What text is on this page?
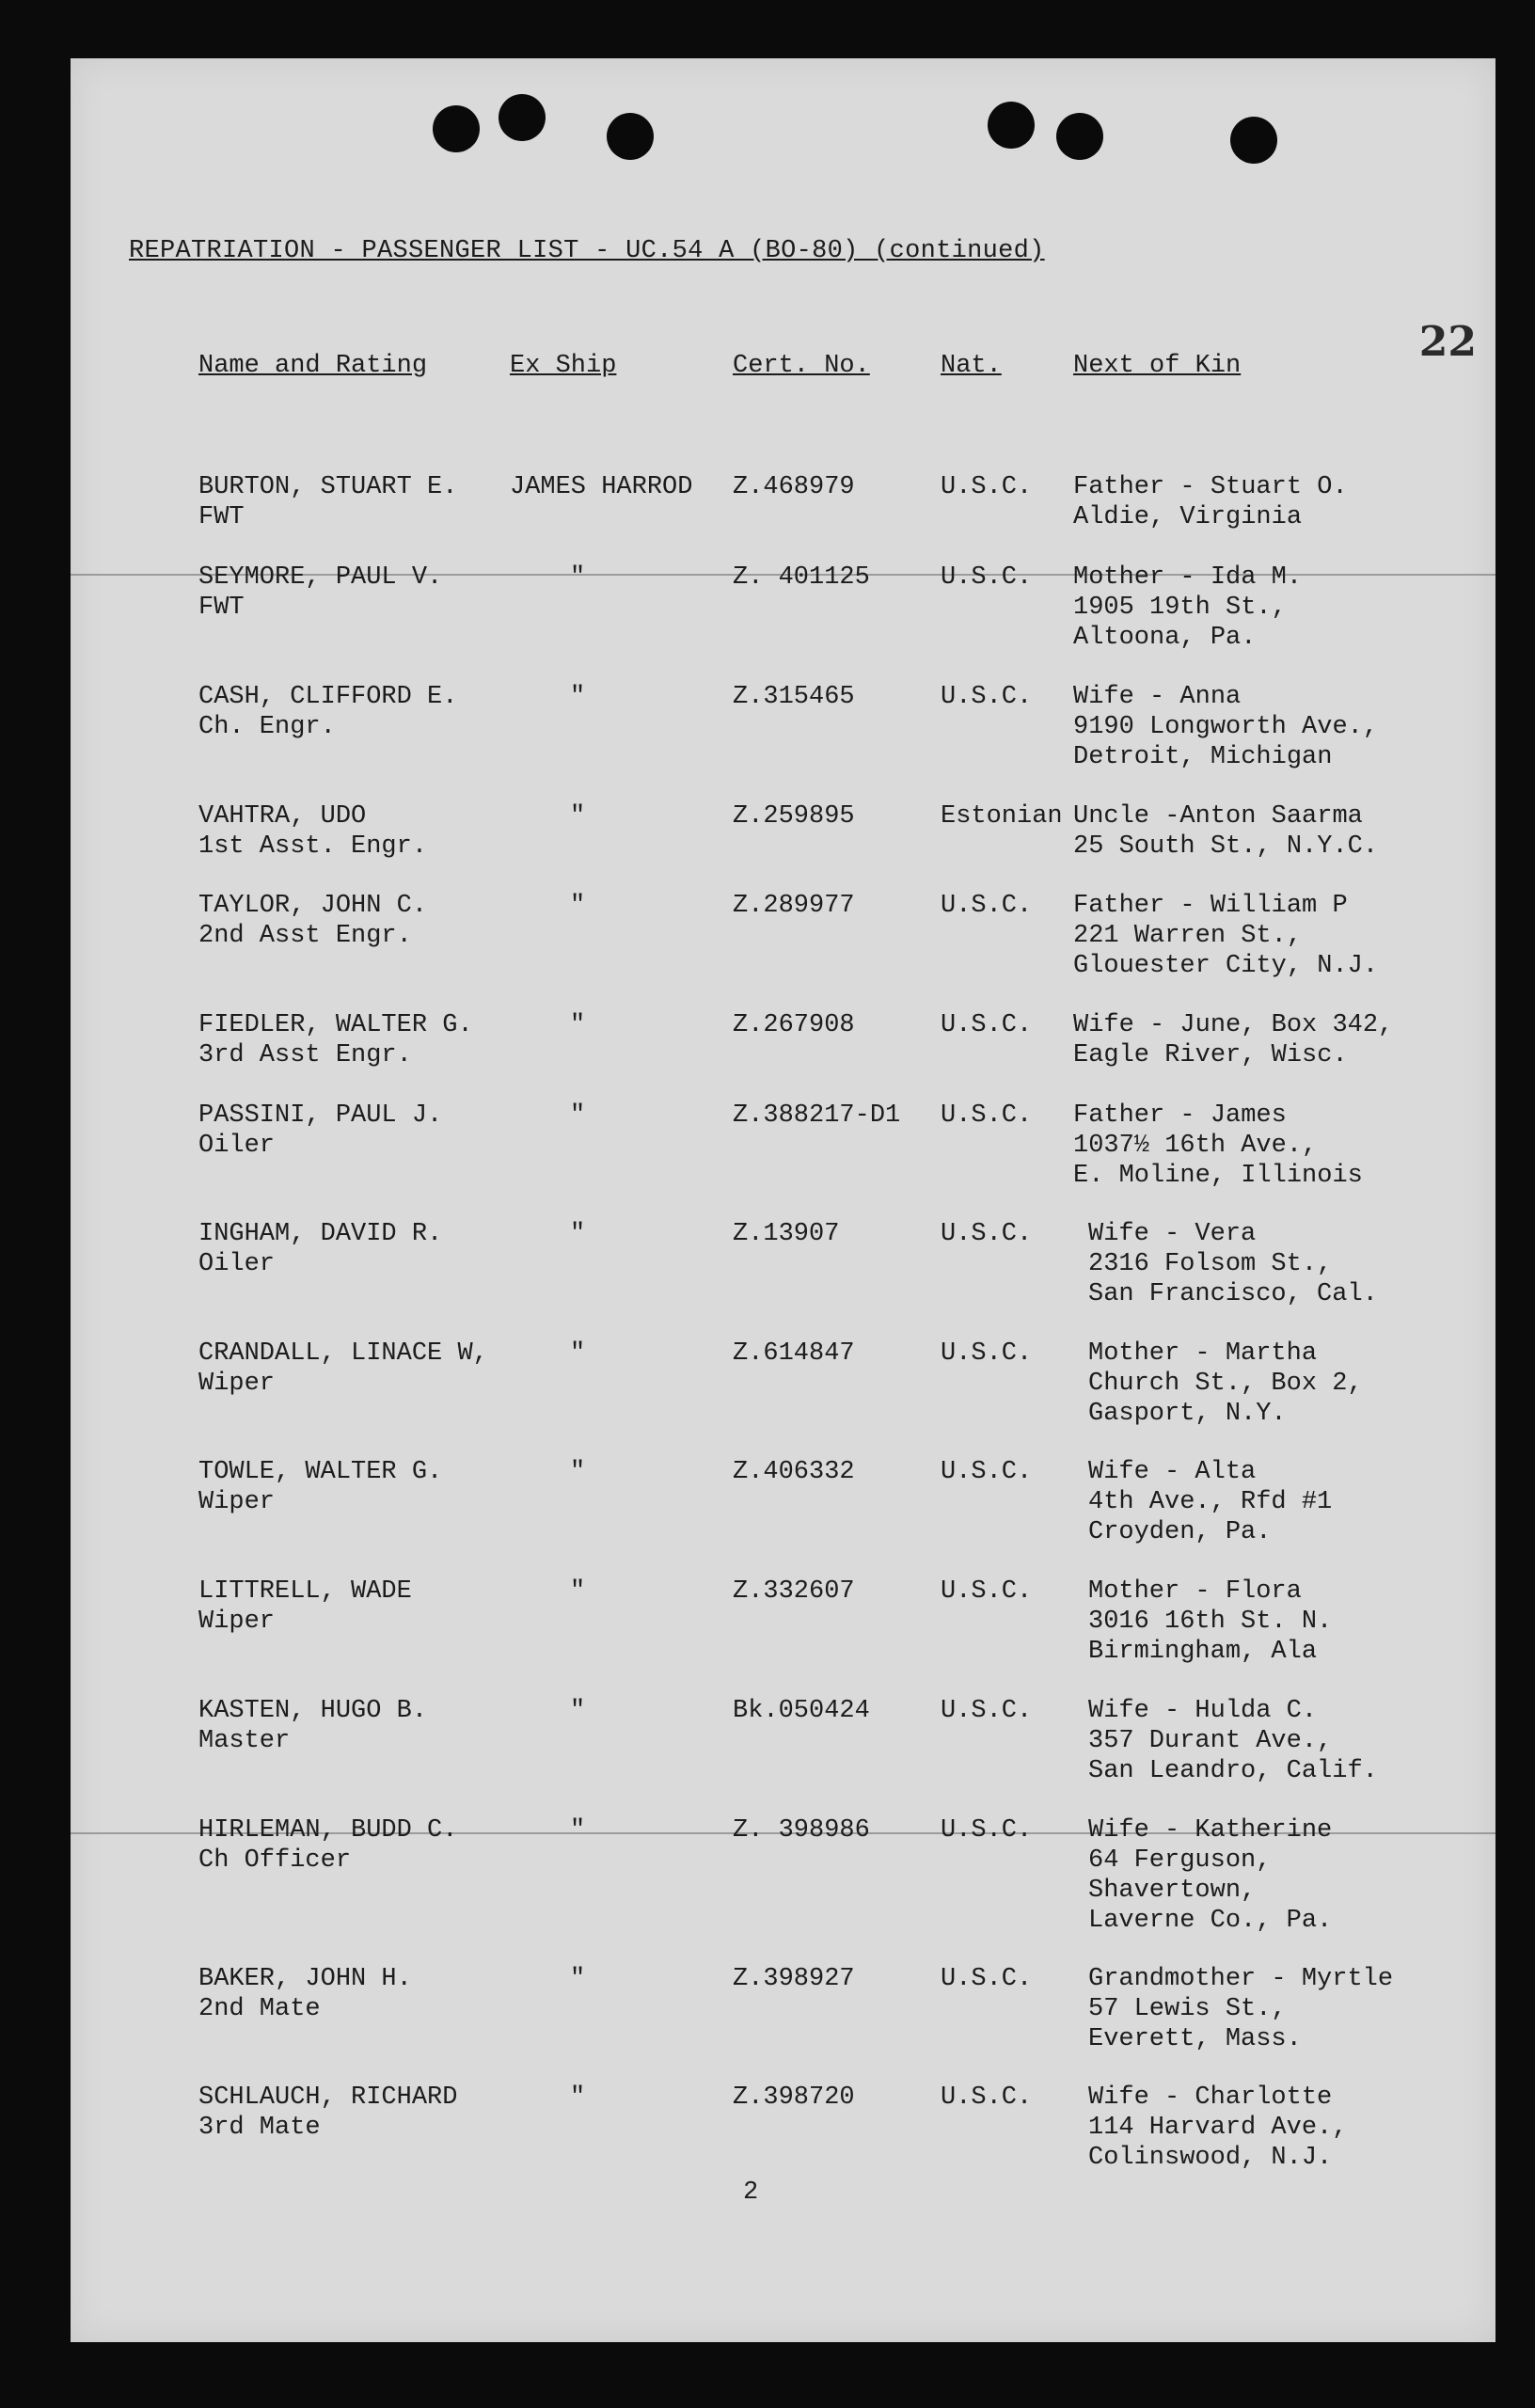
REPATRIATION - PASSENGER LIST - UC.54 A (BO-80) (continued)
22
Name and Rating	Ex Ship	Cert. No.	Nat.	Next of Kin
BURTON, STUART E.
FWT
JAMES HARROD Z.468979	U.S.C. Father - Stuart O.
Aldie, Virginia
SEYMORE, PAUL V.
FWT
"	Z. 401125	U.S.C. Mother - Ida M.
1905 19th St.,
Altoona, Pa.
CASH, CLIFFORD E.
Ch. Engr.
"	Z.315465	U.S.C. Wife - Anna
9190 Longworth Ave.,
Detroit, Michigan
VAHTRA, UDO
1st Asst. Engr.
"	Z.259895	Estonian Uncle -Anton Saarma
25 South St., N.Y.C.
TAYLOR, JOHN C.
2nd Asst Engr.
"	Z.289977	U.S.C. Father - William P
221 Warren St.,
Glouester City, N.J.
FIEDLER, WALTER G.
3rd Asst Engr.
"	Z.267908	U.S.C. Wife - June, Box 342,
Eagle River, Wisc.
PASSINI, PAUL J.
Oiler
"	Z.388217-D1 U.S.C. Father - James
1037½ 16th Ave.,
E. Moline, Illinois
INGHAM, DAVID R.
Oiler
"	Z.13907	U.S.C. Wife - Vera
2316 Folsom St.,
San Francisco, Cal.
CRANDALL, LINACE W,
Wiper
"	Z.614847	U.S.C. Mother - Martha
Church St., Box 2,
Gasport, N.Y.
TOWLE, WALTER G.
Wiper
"	Z.406332	U.S.C. Wife - Alta
4th Ave., Rfd #1
Croyden, Pa.
LITTRELL, WADE
Wiper
"	Z.332607	U.S.C. Mother - Flora
3016 16th St. N.
Birmingham, Ala
KASTEN, HUGO B.
Master
"	Bk.050424	U.S.C. Wife - Hulda C.
357 Durant Ave.,
San Leandro, Calif.
HIRLEMAN, BUDD C.
Ch Officer
"	Z. 398986	U.S.C. Wife - Katherine
64 Ferguson,
Shavertown,
Laverne Co., Pa.
BAKER, JOHN H.
2nd Mate
"	Z.398927	U.S.C. Grandmother - Myrtle
57 Lewis St.,
Everett, Mass.
SCHLAUCH, RICHARD
3rd Mate
"	Z.398720	U.S.C. Wife - Charlotte
114 Harvard Ave.,
Colinswood, N.J.
2
